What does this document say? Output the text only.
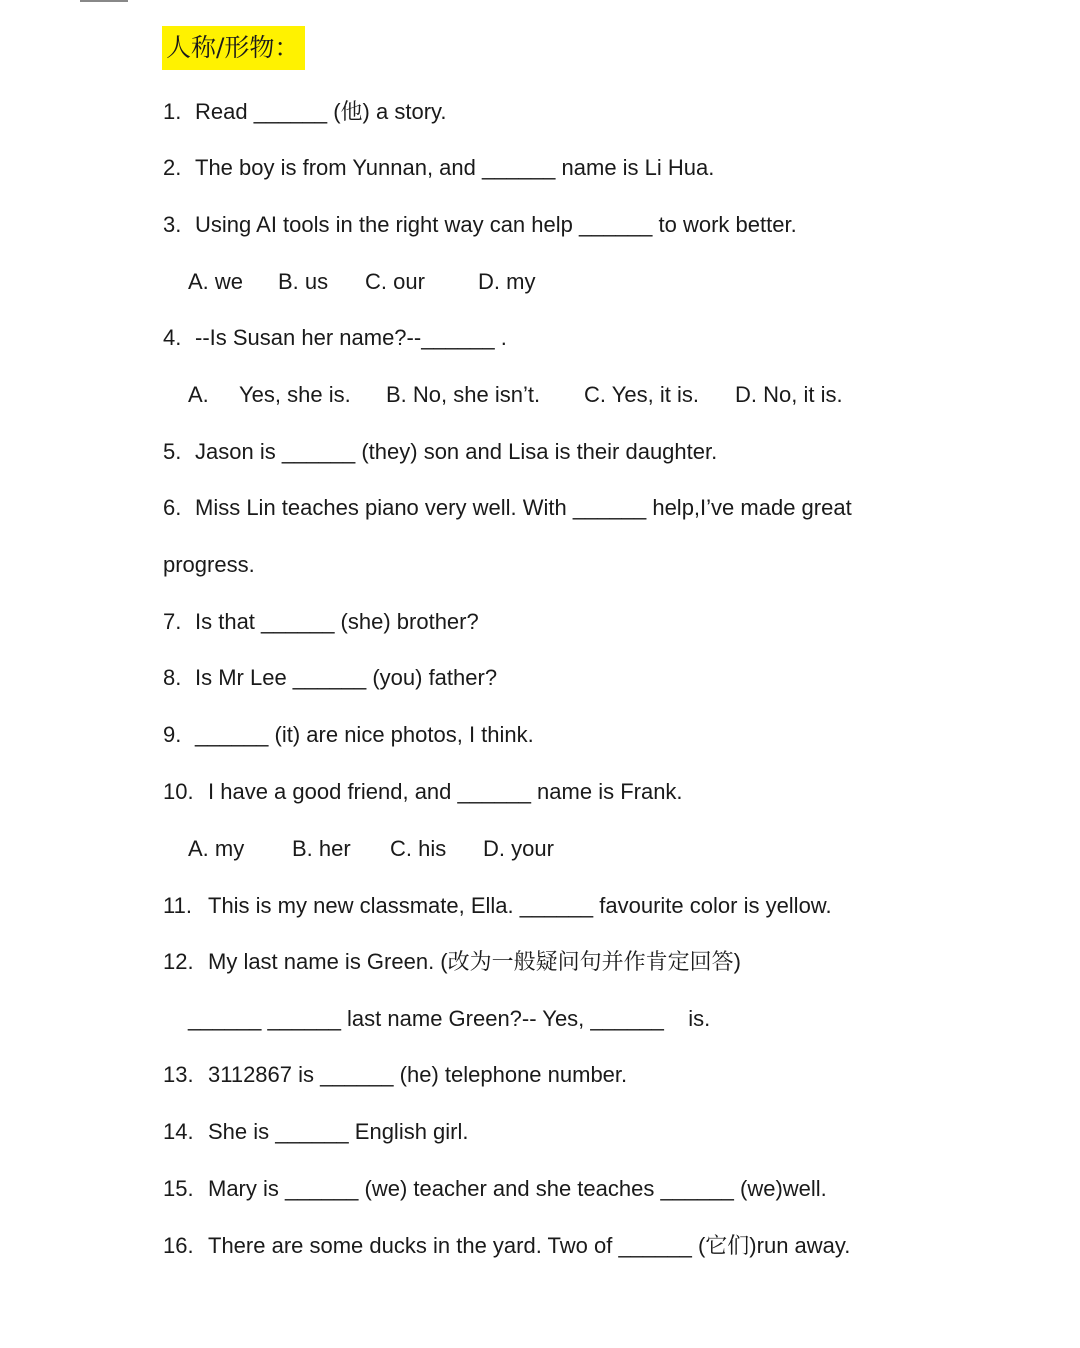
人称/形物：
1. Read ______ (他) a story.
2. The boy is from Yunnan, and ______ name is Li Hua.
3. Using AI tools in the right way can help ______ to work better.
A. we B. us C. our D. my
4. --Is Susan her name?--______ .
A. Yes, she is. B. No, she isn’t. C. Yes, it is. D. No, it is.
5. Jason is ______ (they) son and Lisa is their daughter.
6. Miss Lin teaches piano very well. With ______ help,I’ve made great
progress.
7. Is that ______ (she) brother?
8. Is Mr Lee ______ (you) father?
9. ______ (it) are nice photos, I think.
10. I have a good friend, and ______ name is Frank.
A. my B. her C. his D. your
11. This is my new classmate, Ella. ______ favourite color is yellow.
12. My last name is Green. (改为一般疑问句并作肯定回答)
______ ______ last name Green?-- Yes, ______    is.
13. 3112867 is ______ (he) telephone number.
14. She is ______ English girl.
15. Mary is ______ (we) teacher and she teaches ______ (we)well.
16. There are some ducks in the yard. Two of ______ (它们)run away.
